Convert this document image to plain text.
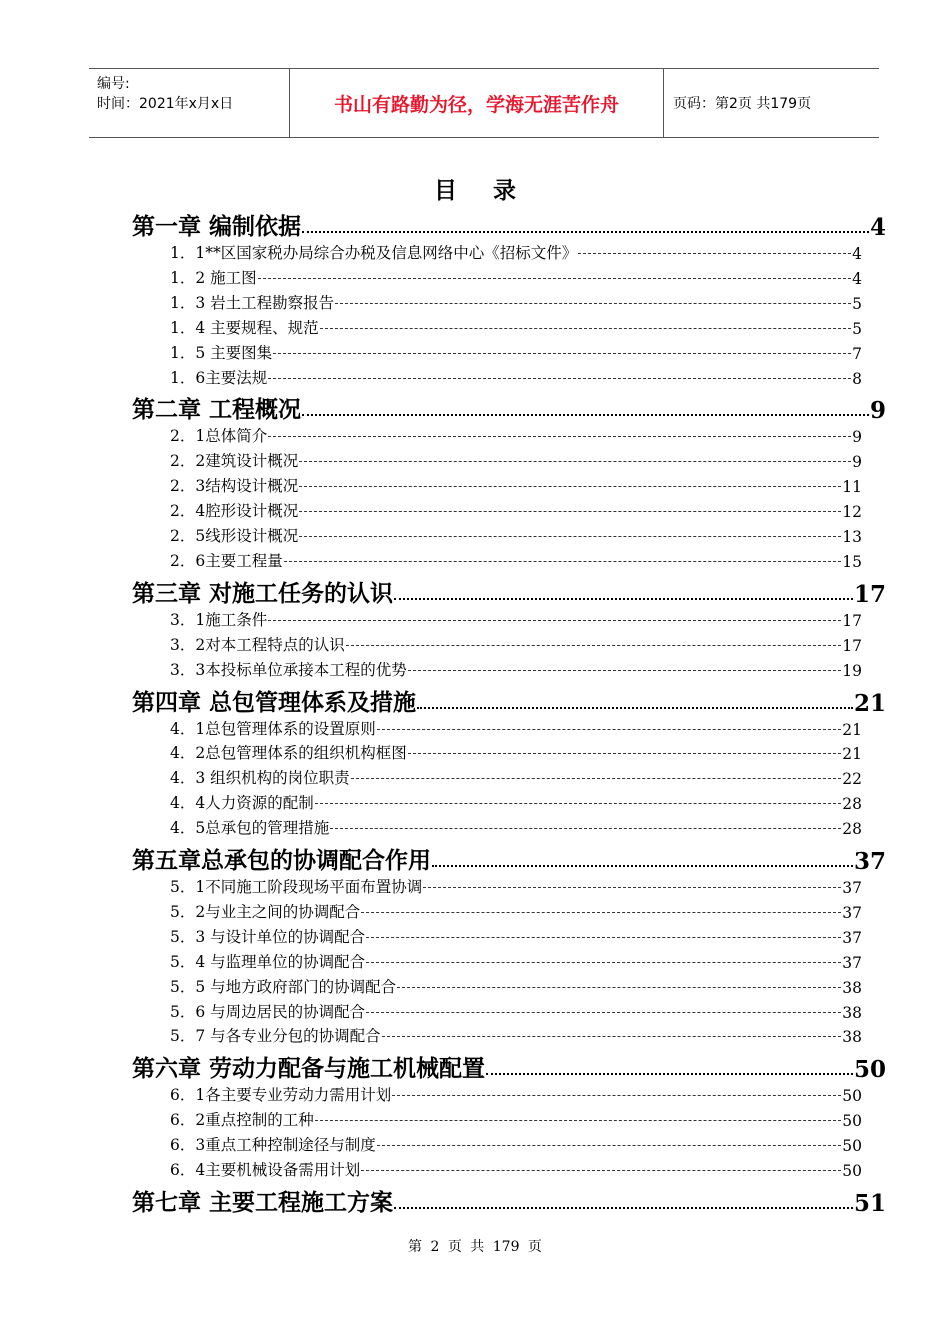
编号:
时间：2021年x月x日	书山有路勤为径，学海无涯苦作舟	页码：第2页 共179页
目录
第一章 编制依据	4
1．1**区国家税办局综合办税及信息网络中心《招标文件》	4
1．2 施工图	4
1．3 岩土工程勘察报告	5
1．4 主要规程、规范	5
1．5 主要图集	7
1．6主要法规	8
第二章 工程概况	9
2．1总体简介	9
2．2建筑设计概况	9
2．3结构设计概况	11
2．4腔形设计概况	12
2．5线形设计概况	13
2．6主要工程量	15
第三章 对施工任务的认识	17
3．1施工条件	17
3．2对本工程特点的认识	17
3．3本投标单位承接本工程的优势	19
第四章 总包管理体系及措施	21
4．1总包管理体系的设置原则	21
4．2总包管理体系的组织机构框图	21
4．3 组织机构的岗位职责	22
4．4人力资源的配制	28
4．5总承包的管理措施	28
第五章总承包的协调配合作用	37
5．1不同施工阶段现场平面布置协调	37
5．2与业主之间的协调配合	37
5．3 与设计单位的协调配合	37
5．4 与监理单位的协调配合	37
5．5 与地方政府部门的协调配合	38
5．6 与周边居民的协调配合	38
5．7 与各专业分包的协调配合	38
第六章 劳动力配备与施工机械配置	50
6．1各主要专业劳动力需用计划	50
6．2重点控制的工种	50
6．3重点工种控制途径与制度	50
6．4主要机械设备需用计划	50
第七章 主要工程施工方案	51
第 2 页 共 179 页
